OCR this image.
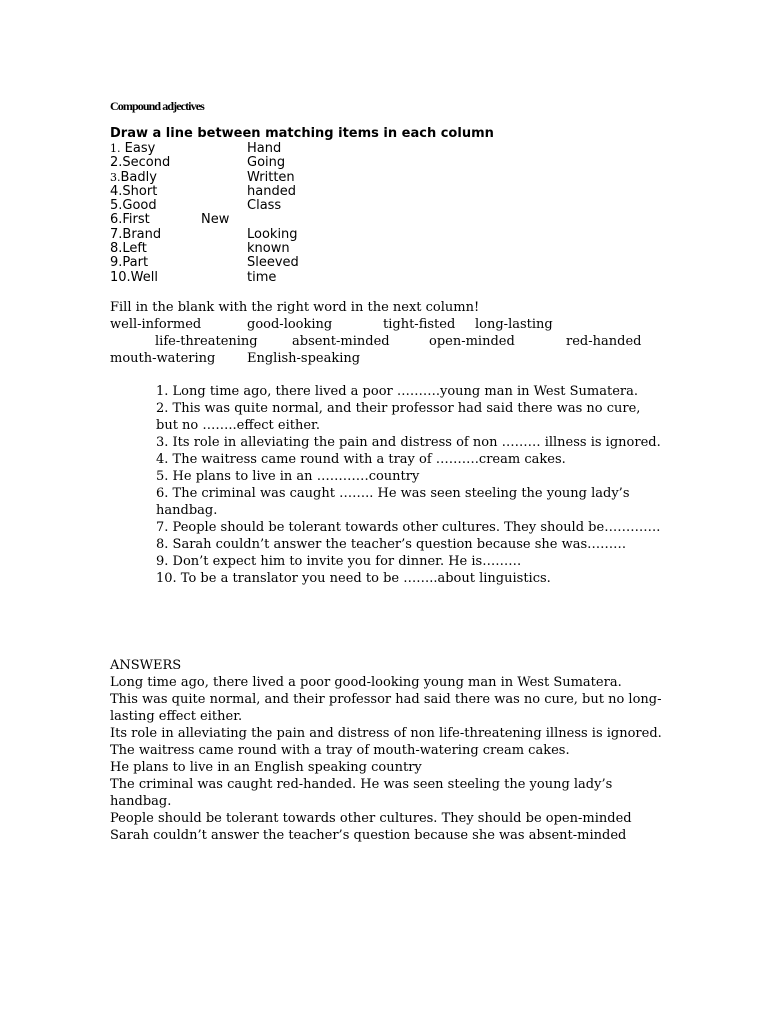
Compound adjectives
Draw a line between matching items in each column
1. Easy	Hand
2.Second	Going
3.Badly	Written
4.Short	handed
5.Good	Class
6.First	New
7.Brand	Looking
8.Left	known
9.Part	Sleeved
10.Well	time
Fill in the blank with the right word in the next column!
well-informed	good-looking	tight-fisted long-lasting
life-threatening	absent-minded	open-minded	red-handed
mouth-watering English-speaking
1. Long time ago, there lived a poor ……….young man in West Sumatera.
2. This was quite normal, and their professor had said there was no cure,
but no ……..effect either.
3. Its role in alleviating the pain and distress of non ……… illness is ignored.
4. The waitress came round with a tray of ……….cream cakes.
5. He plans to live in an …………country
6. The criminal was caught …….. He was seen steeling the young lady’s
handbag.
7. People should be tolerant towards other cultures. They should be………….
8. Sarah couldn’t answer the teacher’s question because she was………
9. Don’t expect him to invite you for dinner. He is………
10. To be a translator you need to be ……..about linguistics.
ANSWERS
Long time ago, there lived a poor good-looking young man in West Sumatera.
This was quite normal, and their professor had said there was no cure, but no long-
lasting effect either.
Its role in alleviating the pain and distress of non life-threatening illness is ignored.
The waitress came round with a tray of mouth-watering cream cakes.
He plans to live in an English speaking country
The criminal was caught red-handed. He was seen steeling the young lady’s
handbag.
People should be tolerant towards other cultures. They should be open-minded
Sarah couldn’t answer the teacher’s question because she was absent-minded
